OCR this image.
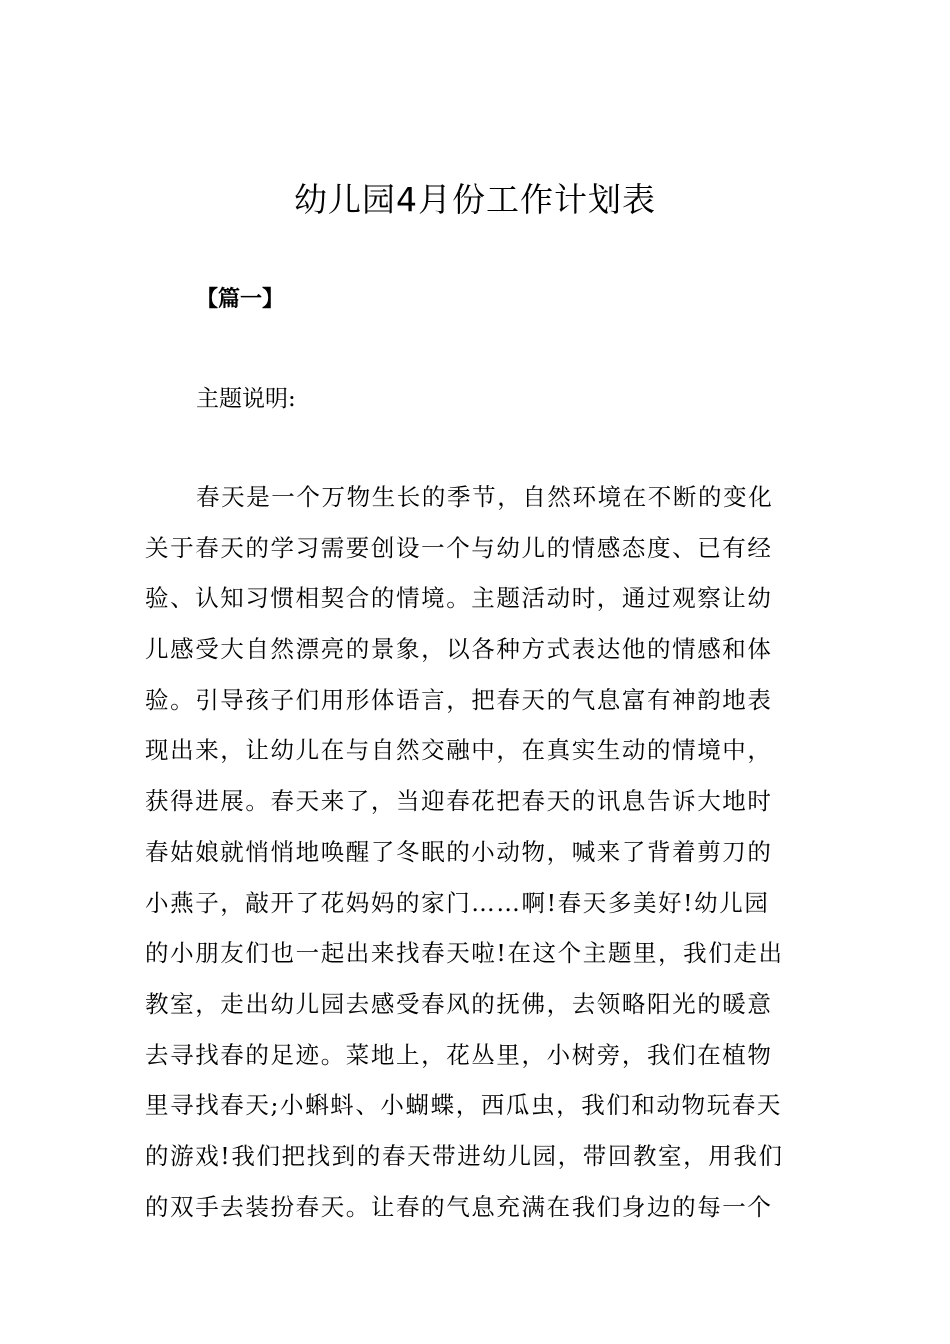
幼儿园4月份工作计划表
【篇一】
主题说明:
春天是一个万物生长的季节，自然环境在不断的变化
关于春天的学习需要创设一个与幼儿的情感态度、已有经
验、认知习惯相契合的情境。主题活动时，通过观察让幼
儿感受大自然漂亮的景象，以各种方式表达他的情感和体
验。引导孩子们用形体语言，把春天的气息富有神韵地表
现出来，让幼儿在与自然交融中，在真实生动的情境中，
获得进展。春天来了，当迎春花把春天的讯息告诉大地时
春姑娘就悄悄地唤醒了冬眠的小动物，喊来了背着剪刀的
小燕子，敲开了花妈妈的家门……啊!春天多美好!幼儿园
的小朋友们也一起出来找春天啦!在这个主题里，我们走出
教室，走出幼儿园去感受春风的抚佛，去领略阳光的暖意
去寻找春的足迹。菜地上，花丛里，小树旁，我们在植物
里寻找春天;小蝌蚪、小蝴蝶，西瓜虫，我们和动物玩春天
的游戏!我们把找到的春天带进幼儿园，带回教室，用我们
的双手去装扮春天。让春的气息充满在我们身边的每一个
